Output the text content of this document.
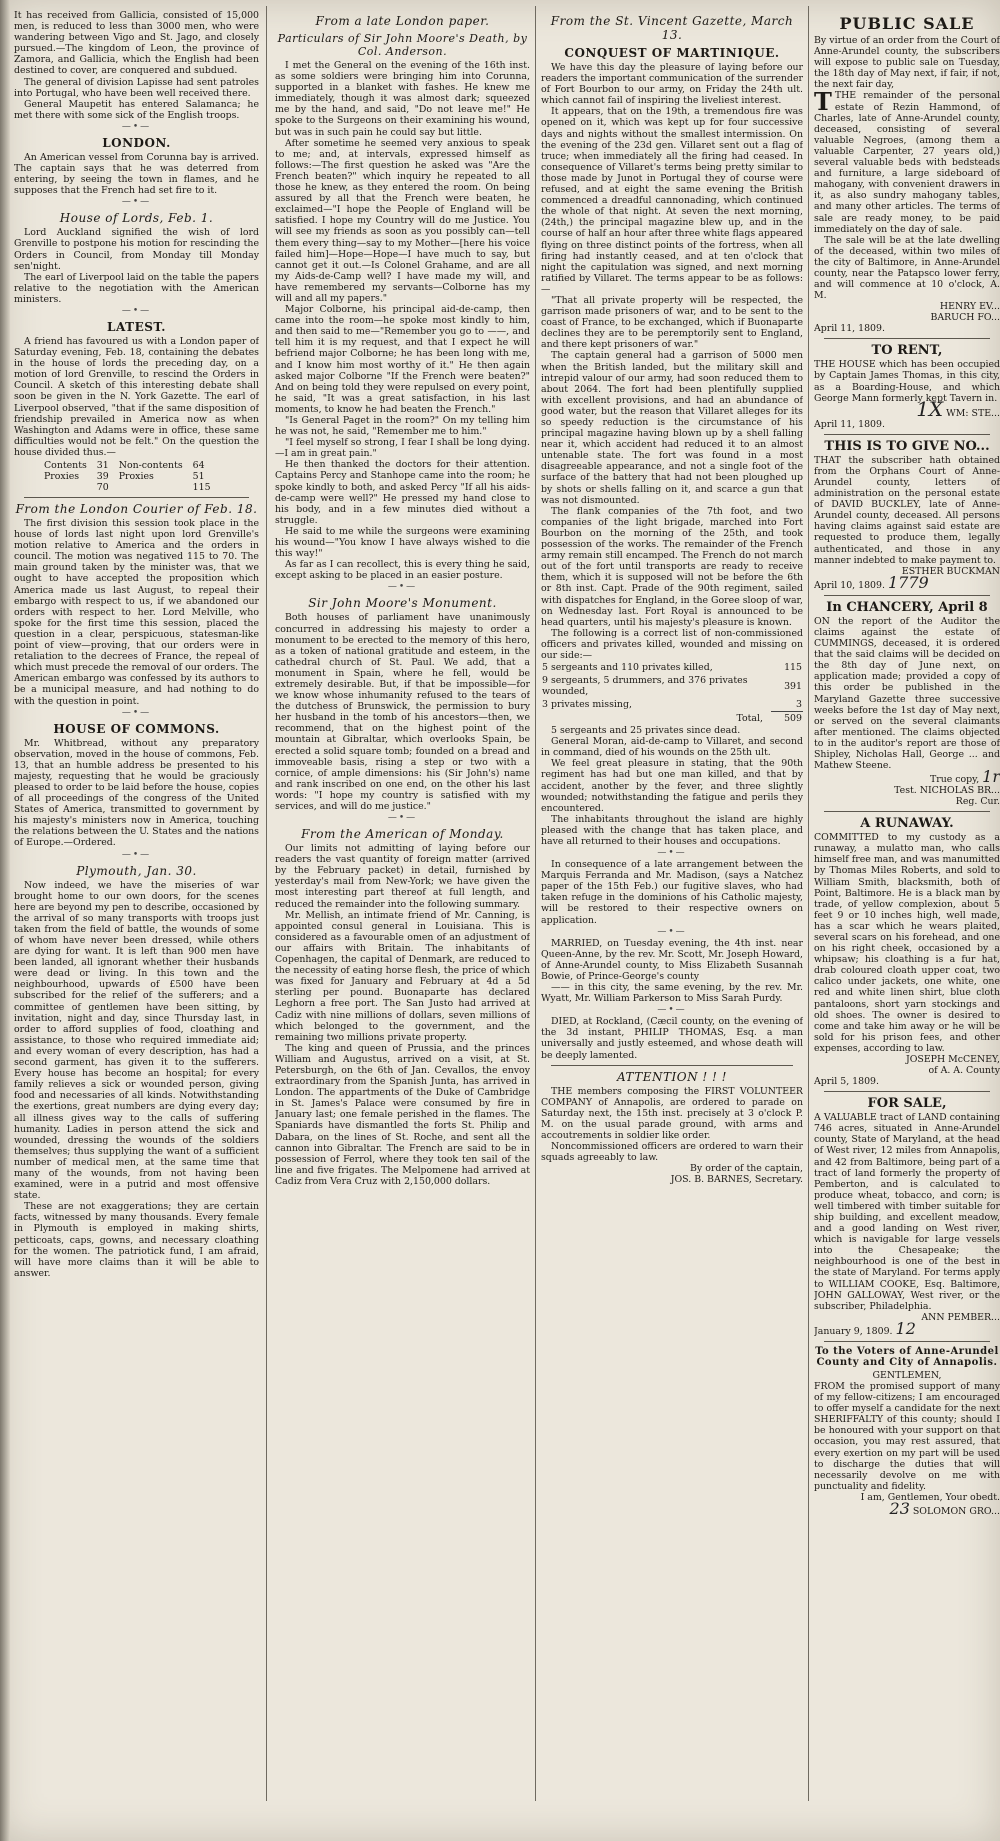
It has received from Gallicia, consisted of 15,000 men, is reduced to less than 3000 men, who were wandering between Vigo and St. Jago, and closely pursued.—The kingdom of Leon, the province of Zamora, and Gallicia, which the English had been destined to cover, are conquered and subdued.

The general of division Lapisse had sent patroles into Portugal, who have been well received there.

General Maupetit has entered Salamanca; he met there with some sick of the English troops.

—•—
LONDON.

An American vessel from Corunna bay is arrived. The captain says that he was deterred from entering, by seeing the town in flames, and he supposes that the French had set fire to it.

—•—
House of Lords, Feb. 1.

Lord Auckland signified the wish of lord Grenville to postpone his motion for rescinding the Orders in Council, from Monday till Monday sen'night.

The earl of Liverpool laid on the table the papers relative to the negotiation with the American ministers.

—•—
LATEST.

A friend has favoured us with a London paper of Saturday evening, Feb. 18, containing the debates in the house of lords the preceding day, on a motion of lord Grenville, to rescind the Orders in Council. A sketch of this interesting debate shall soon be given in the N. York Gazette. The earl of Liverpool observed, "that if the same disposition of friendship prevailed in America now as when Washington and Adams were in office, these same difficulties would not be felt." On the question the house divided thus.—

Contents	31	Non-contents	64
Proxies	39	Proxies	51
	70		115
From the London Courier of Feb. 18.

The first division this session took place in the house of lords last night upon lord Grenville's motion relative to America and the orders in council. The motion was negatived 115 to 70. The main ground taken by the minister was, that we ought to have accepted the proposition which America made us last August, to repeal their embargo with respect to us, if we abandoned our orders with respect to her. Lord Melville, who spoke for the first time this session, placed the question in a clear, perspicuous, statesman-like point of view—proving, that our orders were in retaliation to the decrees of France, the repeal of which must precede the removal of our orders. The American embargo was confessed by its authors to be a municipal measure, and had nothing to do with the question in point.

—•—
HOUSE OF COMMONS.

Mr. Whitbread, without any preparatory observation, moved in the house of commons, Feb. 13, that an humble address be presented to his majesty, requesting that he would be graciously pleased to order to be laid before the house, copies of all proceedings of the congress of the United States of America, transmitted to government by his majesty's ministers now in America, touching the relations between the U. States and the nations of Europe.—Ordered.

—•—
Plymouth, Jan. 30.

Now indeed, we have the miseries of war brought home to our own doors, for the scenes here are beyond my pen to describe, occasioned by the arrival of so many transports with troops just taken from the field of battle, the wounds of some of whom have never been dressed, while others are dying for want. It is left than 900 men have been landed, all ignorant whether their husbands were dead or living. In this town and the neighbourhood, upwards of £500 have been subscribed for the relief of the sufferers; and a committee of gentlemen have been sitting, by invitation, night and day, since Thursday last, in order to afford supplies of food, cloathing and assistance, to those who required immediate aid; and every woman of every description, has had a second garment, has given it to the sufferers. Every house has become an hospital; for every family relieves a sick or wounded person, giving food and necessaries of all kinds. Notwithstanding the exertions, great numbers are dying every day; all illness gives way to the calls of suffering humanity. Ladies in person attend the sick and wounded, dressing the wounds of the soldiers themselves; thus supplying the want of a sufficient number of medical men, at the same time that many of the wounds, from not having been examined, were in a putrid and most offensive state.

These are not exaggerations; they are certain facts, witnessed by many thousands. Every female in Plymouth is employed in making shirts, petticoats, caps, gowns, and necessary cloathing for the women. The patriotick fund, I am afraid, will have more claims than it will be able to answer.

From a late London paper.
Particulars of Sir John Moore's Death, by Col. Anderson.

I met the General on the evening of the 16th inst. as some soldiers were bringing him into Corunna, supported in a blanket with fashes. He knew me immediately, though it was almost dark; squeezed me by the hand, and said, "Do not leave me!" He spoke to the Surgeons on their examining his wound, but was in such pain he could say but little.

After sometime he seemed very anxious to speak to me; and, at intervals, expressed himself as follows:—The first question he asked was "Are the French beaten?" which inquiry he repeated to all those he knew, as they entered the room. On being assured by all that the French were beaten, he exclaimed—"I hope the People of England will be satisfied. I hope my Country will do me Justice. You will see my friends as soon as you possibly can—tell them every thing—say to my Mother—[here his voice failed him]—Hope—Hope—I have much to say, but cannot get it out.—Is Colonel Grahame, and are all my Aids-de-Camp well? I have made my will, and have remembered my servants—Colborne has my will and all my papers."

Major Colborne, his principal aid-de-camp, then came into the room—he spoke most kindly to him, and then said to me—"Remember you go to ——, and tell him it is my request, and that I expect he will befriend major Colborne; he has been long with me, and I know him most worthy of it." He then again asked major Colborne "If the French were beaten?" And on being told they were repulsed on every point, he said, "It was a great satisfaction, in his last moments, to know he had beaten the French."

"Is General Paget in the room?" On my telling him he was not, he said, "Remember me to him."

"I feel myself so strong, I fear I shall be long dying.—I am in great pain."

He then thanked the doctors for their attention. Captains Percy and Stanhope came into the room; he spoke kindly to both, and asked Percy "If all his aids-de-camp were well?" He pressed my hand close to his body, and in a few minutes died without a struggle.

He said to me while the surgeons were examining his wound—"You know I have always wished to die this way!"

As far as I can recollect, this is every thing he said, except asking to be placed in an easier posture.

—•—
Sir John Moore's Monument.

Both houses of parliament have unanimously concurred in addressing his majesty to order a monument to be erected to the memory of this hero, as a token of national gratitude and esteem, in the cathedral church of St. Paul. We add, that a monument in Spain, where he fell, would be extremely desirable. But, if that be impossible—for we know whose inhumanity refused to the tears of the dutchess of Brunswick, the permission to bury her husband in the tomb of his ancestors—then, we recommend, that on the highest point of the mountain at Gibraltar, which overlooks Spain, be erected a solid square tomb; founded on a bread and immoveable basis, rising a step or two with a cornice, of ample dimensions: his (Sir John's) name and rank inscribed on one end, on the other his last words: "I hope my country is satisfied with my services, and will do me justice."

—•—
From the American of Monday.

Our limits not admitting of laying before our readers the vast quantity of foreign matter (arrived by the February packet) in detail, furnished by yesterday's mail from New-York; we have given the most interesting part thereof at full length, and reduced the remainder into the following summary.

Mr. Mellish, an intimate friend of Mr. Canning, is appointed consul general in Louisiana. This is considered as a favourable omen of an adjustment of our affairs with Britain. The inhabitants of Copenhagen, the capital of Denmark, are reduced to the necessity of eating horse flesh, the price of which was fixed for January and February at 4d a 5d sterling per pound. Buonaparte has declared Leghorn a free port. The San Justo had arrived at Cadiz with nine millions of dollars, seven millions of which belonged to the government, and the remaining two millions private property.

The king and queen of Prussia, and the princes William and Augustus, arrived on a visit, at St. Petersburgh, on the 6th of Jan. Cevallos, the envoy extraordinary from the Spanish Junta, has arrived in London. The appartments of the Duke of Cambridge in St. James's Palace were consumed by fire in January last; one female perished in the flames. The Spaniards have dismantled the forts St. Philip and Dabara, on the lines of St. Roche, and sent all the cannon into Gibraltar. The French are said to be in possession of Ferrol, where they took ten sail of the line and five frigates. The Melpomene had arrived at Cadiz from Vera Cruz with 2,150,000 dollars.

From the St. Vincent Gazette, March 13.
CONQUEST OF MARTINIQUE.

We have this day the pleasure of laying before our readers the important communication of the surrender of Fort Bourbon to our army, on Friday the 24th ult. which cannot fail of inspiring the liveliest interest.

It appears, that on the 19th, a tremendous fire was opened on it, which was kept up for four successive days and nights without the smallest intermission. On the evening of the 23d gen. Villaret sent out a flag of truce; when immediately all the firing had ceased. In consequence of Villaret's terms being pretty similar to those made by Junot in Portugal they of course were refused, and at eight the same evening the British commenced a dreadful cannonading, which continued the whole of that night. At seven the next morning, (24th,) the principal magazine blew up, and in the course of half an hour after three white flags appeared flying on three distinct points of the fortress, when all firing had instantly ceased, and at ten o'clock that night the capitulation was signed, and next morning ratified by Villaret. The terms appear to be as follows:—

"That all private property will be respected, the garrison made prisoners of war, and to be sent to the coast of France, to be exchanged, which if Buonaparte declines they are to be peremptorily sent to England, and there kept prisoners of war."

The captain general had a garrison of 5000 men when the British landed, but the military skill and intrepid valour of our army, had soon reduced them to about 2064. The fort had been plentifully supplied with excellent provisions, and had an abundance of good water, but the reason that Villaret alleges for its so speedy reduction is the circumstance of his principal magazine having blown up by a shell falling near it, which accident had reduced it to an almost untenable state. The fort was found in a most disagreeable appearance, and not a single foot of the surface of the battery that had not been ploughed up by shots or shells falling on it, and scarce a gun that was not dismounted.

The flank companies of the 7th foot, and two companies of the light brigade, marched into Fort Bourbon on the morning of the 25th, and took possession of the works. The remainder of the French army remain still encamped. The French do not march out of the fort until transports are ready to receive them, which it is supposed will not be before the 6th or 8th inst. Capt. Prade of the 90th regiment, sailed with dispatches for England, in the Goree sloop of war, on Wednesday last. Fort Royal is announced to be head quarters, until his majesty's pleasure is known.

The following is a correct list of non-commissioned officers and privates killed, wounded and missing on our side:—

5 sergeants and 110 privates killed,	115
9 sergeants, 5 drummers, and 376 privates wounded,	391
3 privates missing,	3
Total,	509

5 sergeants and 25 privates since dead.

General Moran, aid-de-camp to Villaret, and second in command, died of his wounds on the 25th ult.

We feel great pleasure in stating, that the 90th regiment has had but one man killed, and that by accident, another by the fever, and three slightly wounded; notwithstanding the fatigue and perils they encountered.

The inhabitants throughout the island are highly pleased with the change that has taken place, and have all returned to their houses and occupations.

—•—

In consequence of a late arrangement between the Marquis Ferranda and Mr. Madison, (says a Natchez paper of the 15th Feb.) our fugitive slaves, who had taken refuge in the dominions of his Catholic majesty, will be restored to their respective owners on application.

—•—

MARRIED, on Tuesday evening, the 4th inst. near Queen-Anne, by the rev. Mr. Scott, Mr. Joseph Howard, of Anne-Arundel county, to Miss Elizabeth Susannah Bowie, of Prince-George's county

—— in this city, the same evening, by the rev. Mr. Wyatt, Mr. William Parkerson to Miss Sarah Purdy.

—•—

DIED, at Rockland, (Cæcil county, on the evening of the 3d instant, PHILIP THOMAS, Esq. a man universally and justly esteemed, and whose death will be deeply lamented.

ATTENTION ! ! !

THE members composing the FIRST VOLUNTEER COMPANY of Annapolis, are ordered to parade on Saturday next, the 15th inst. precisely at 3 o'clock P. M. on the usual parade ground, with arms and accoutrements in soldier like order.

Noncommissioned officers are ordered to warn their squads agreeably to law.

By order of the captain,

JOS. B. BARNES, Secretary.

PUBLIC SALE

By virtue of an order from the Court of Anne-Arundel county, the subscribers will expose to public sale on Tuesday, the 18th day of May next, if fair, if not, the next fair day,

TTHE remainder of the personal estate of Rezin Hammond, of Charles, late of Anne-Arundel county, deceased, consisting of several valuable Negroes, (among them a valuable Carpenter, 27 years old,) several valuable beds with bedsteads and furniture, a large sideboard of mahogany, with convenient drawers in it, as also sundry mahogany tables, and many other articles. The terms of sale are ready money, to be paid immediately on the day of sale.

The sale will be at the late dwelling of the deceased, within two miles of the city of Baltimore, in Anne-Arundel county, near the Patapsco lower ferry, and will commence at 10 o'clock, A. M.

HENRY EV...
BARUCH FO...

April 11, 1809.

TO RENT,

THE HOUSE which has been occupied by Captain James Thomas, in this city, as a Boarding-House, and which George Mann formerly kept Tavern in.

1X WM: STE...

April 11, 1809.

THIS IS TO GIVE NO...

THAT the subscriber hath obtained from the Orphans Court of Anne-Arundel county, letters of administration on the personal estate of DAVID BUCKLEY, late of Anne-Arundel county, deceased. All persons having claims against said estate are requested to produce them, legally authenticated, and those in any manner indebted to make payment to.

ESTHER BUCKMAN

April 10, 1809. 1779

In CHANCERY, April 8

ON the report of the Auditor the claims against the estate of CUMMINGS, deceased, it is ordered that the said claims will be decided on the 8th day of June next, on application made; provided a copy of this order be published in the Maryland Gazette three successive weeks before the 1st day of May next, or served on the several claimants after mentioned. The claims objected to in the auditor's report are those of Shipley, Nicholas Hall, George ... and Mathew Steene.

True copy, 1r
Test. NICHOLAS BR...
Reg. Cur.
A RUNAWAY.

COMMITTED to my custody as a runaway, a mulatto man, who calls himself free man, and was manumitted by Thomas Miles Roberts, and sold to William Smith, blacksmith, both of Point, Baltimore. He is a black man by trade, of yellow complexion, about 5 feet 9 or 10 inches high, well made, has a scar which he wears plaited, several scars on his forehead, and one on his right cheek, occasioned by a whipsaw; his cloathing is a fur hat, drab coloured cloath upper coat, two calico under jackets, one white, one red and white linen shirt, blue cloth pantaloons, short yarn stockings and old shoes. The owner is desired to come and take him away or he will be sold for his prison fees, and other expenses, according to law.

JOSEPH McCENEY,
of A. A. County

April 5, 1809.

FOR SALE,

A VALUABLE tract of LAND containing 746 acres, situated in Anne-Arundel county, State of Maryland, at the head of West river, 12 miles from Annapolis, and 42 from Baltimore, being part of a tract of land formerly the property of Pemberton, and is calculated to produce wheat, tobacco, and corn; is well timbered with timber suitable for ship building, and excellent meadow, and a good landing on West river, which is navigable for large vessels into the Chesapeake; the neighbourhood is one of the best in the state of Maryland. For terms apply to WILLIAM COOKE, Esq. Baltimore, JOHN GALLOWAY, West river, or the subscriber, Philadelphia.

ANN PEMBER...

January 9, 1809. 12

To the Voters of Anne-Arundel County and City of Annapolis.

GENTLEMEN,

FROM the promised support of many of my fellow-citizens; I am encouraged to offer myself a candidate for the next SHERIFFALTY of this county; should I be honoured with your support on that occasion, you may rest assured, that every exertion on my part will be used to discharge the duties that will necessarily devolve on me with punctuality and fidelity.

I am, Gentlemen, Your obedt.
23 SOLOMON GRO...
